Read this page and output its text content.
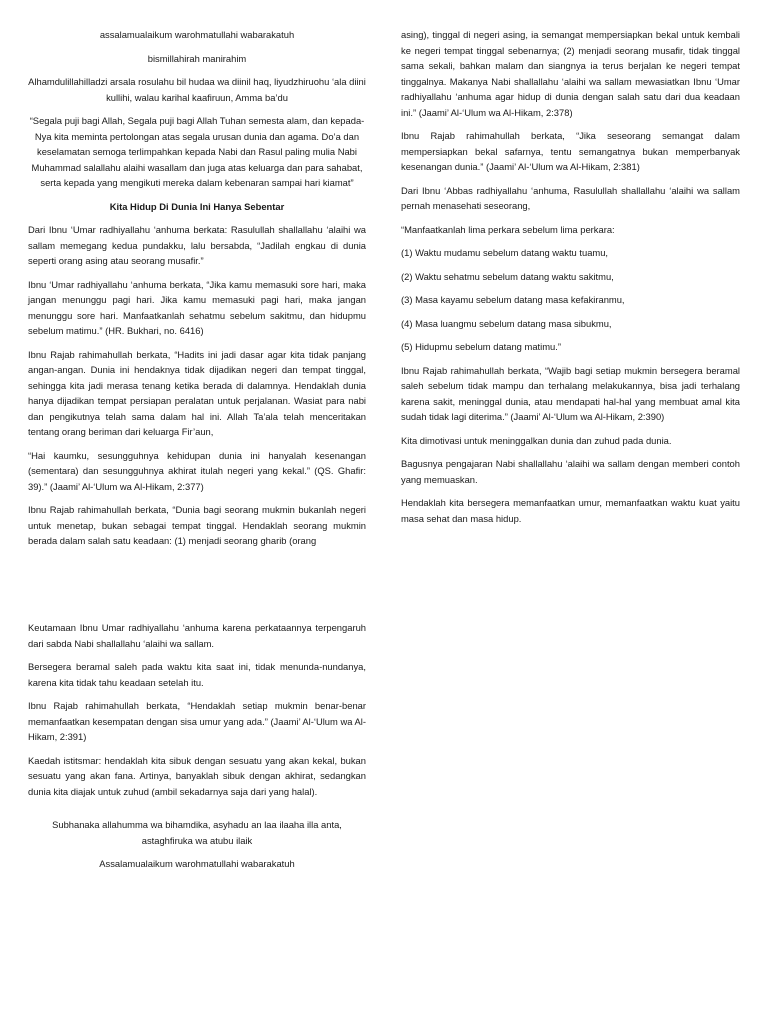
assalamualaikum warohmatullahi wabarakatuh

bismillahirah manirahim

Alhamdulillahilladzi arsala rosulahu bil hudaa wa diinil haq, liyudzhiruohu ‘ala diini kullihi, walau karihal kaafiruun, Amma ba’du

“Segala puji bagi Allah, Segala puji bagi Allah Tuhan semesta alam, dan kepada-Nya kita meminta pertolongan atas segala urusan dunia dan agama. Do’a dan keselamatan semoga terlimpahkan kepada Nabi dan Rasul paling mulia Nabi Muhammad salallahu alaihi wasallam dan juga atas keluarga dan para sahabat, serta kepada yang mengikuti mereka dalam kebenaran sampai hari kiamat”

Kita Hidup Di Dunia Ini Hanya Sebentar

Dari Ibnu ‘Umar radhiyallahu ‘anhuma berkata: Rasulullah shallallahu ‘alaihi wa sallam memegang kedua pundakku, lalu bersabda, “Jadilah engkau di dunia seperti orang asing atau seorang musafir.”

Ibnu ‘Umar radhiyallahu ‘anhuma berkata, “Jika kamu memasuki sore hari, maka jangan menunggu pagi hari. Jika kamu memasuki pagi hari, maka jangan menunggu sore hari. Manfaatkanlah sehatmu sebelum sakitmu, dan hidupmu sebelum matimu.” (HR. Bukhari, no. 6416)

Ibnu Rajab rahimahullah berkata, “Hadits ini jadi dasar agar kita tidak panjang angan-angan. Dunia ini hendaknya tidak dijadikan negeri dan tempat tinggal, sehingga kita jadi merasa tenang ketika berada di dalamnya. Hendaklah dunia hanya dijadikan tempat persiapan peralatan untuk perjalanan. Wasiat para nabi dan pengikutnya telah sama dalam hal ini. Allah Ta’ala telah menceritakan tentang orang beriman dari keluarga Fir’aun,

“Hai kaumku, sesungguhnya kehidupan dunia ini hanyalah kesenangan (sementara) dan sesungguhnya akhirat itulah negeri yang kekal.” (QS. Ghafir: 39).” (Jaami’ Al-‘Ulum wa Al-Hikam, 2:377)

Ibnu Rajab rahimahullah berkata, “Dunia bagi seorang mukmin bukanlah negeri untuk menetap, bukan sebagai tempat tinggal. Hendaklah seorang mukmin berada dalam salah satu keadaan: (1) menjadi seorang gharib (orang

asing), tinggal di negeri asing, ia semangat mempersiapkan bekal untuk kembali ke negeri tempat tinggal sebenarnya; (2) menjadi seorang musafir, tidak tinggal sama sekali, bahkan malam dan siangnya ia terus berjalan ke negeri tempat tinggalnya. Makanya Nabi shallallahu ‘alaihi wa sallam mewasiatkan Ibnu ‘Umar radhiyallahu ‘anhuma agar hidup di dunia dengan salah satu dari dua keadaan ini.” (Jaami’ Al-‘Ulum wa Al-Hikam, 2:378)

Ibnu Rajab rahimahullah berkata, “Jika seseorang semangat dalam mempersiapkan bekal safarnya, tentu semangatnya bukan memperbanyak kesenangan dunia.” (Jaami’ Al-‘Ulum wa Al-Hikam, 2:381)

Dari Ibnu ‘Abbas radhiyallahu ‘anhuma, Rasulullah shallallahu ‘alaihi wa sallam pernah menasehati seseorang,

“Manfaatkanlah lima perkara sebelum lima perkara:

(1) Waktu mudamu sebelum datang waktu tuamu,

(2) Waktu sehatmu sebelum datang waktu sakitmu,

(3) Masa kayamu sebelum datang masa kefakiranmu,

(4) Masa luangmu sebelum datang masa sibukmu,

(5) Hidupmu sebelum datang matimu.”

Ibnu Rajab rahimahullah berkata, “Wajib bagi setiap mukmin bersegera beramal saleh sebelum tidak mampu dan terhalang melakukannya, bisa jadi terhalang karena sakit, meninggal dunia, atau mendapati hal-hal yang membuat amal kita sudah tidak lagi diterima.” (Jaami’ Al-‘Ulum wa Al-Hikam, 2:390)

Kita dimotivasi untuk meninggalkan dunia dan zuhud pada dunia.

Bagusnya pengajaran Nabi shallallahu ‘alaihi wa sallam dengan memberi contoh yang memuaskan.

Hendaklah kita bersegera memanfaatkan umur, memanfaatkan waktu kuat yaitu masa sehat dan masa hidup.

Keutamaan Ibnu Umar radhiyallahu ‘anhuma karena perkataannya terpengaruh dari sabda Nabi shallallahu ‘alaihi wa sallam.

Bersegera beramal saleh pada waktu kita saat ini, tidak menunda-nundanya, karena kita tidak tahu keadaan setelah itu.

Ibnu Rajab rahimahullah berkata, “Hendaklah setiap mukmin benar-benar memanfaatkan kesempatan dengan sisa umur yang ada.” (Jaami’ Al-‘Ulum wa Al-Hikam, 2:391)

Kaedah istitsmar: hendaklah kita sibuk dengan sesuatu yang akan kekal, bukan sesuatu yang akan fana. Artinya, banyaklah sibuk dengan akhirat, sedangkan dunia kita diajak untuk zuhud (ambil sekadarnya saja dari yang halal).

Subhanaka allahumma wa bihamdika, asyhadu an laa ilaaha illa anta, astaghfiruka wa atubu ilaik

Assalamualaikum warohmatullahi wabarakatuh
